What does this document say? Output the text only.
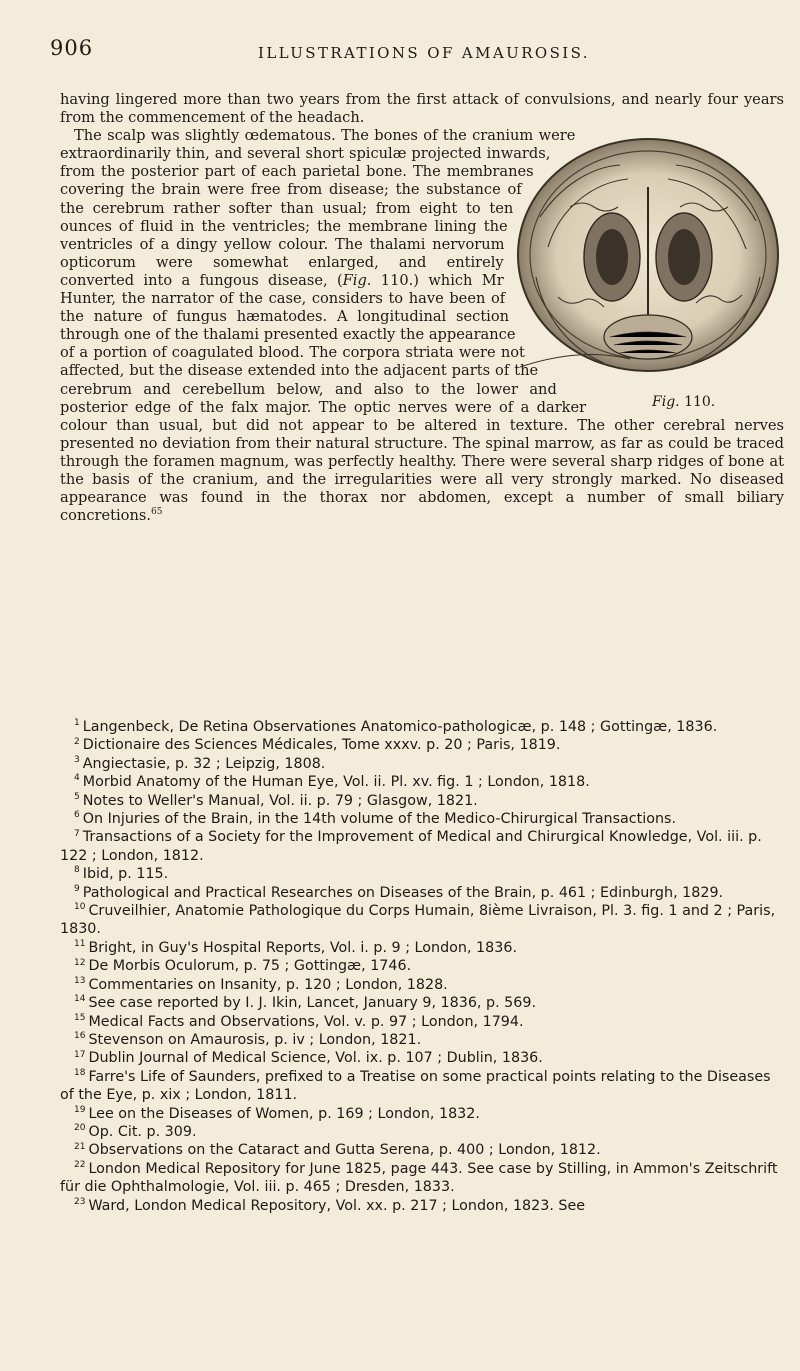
906	ILLUSTRATIONS OF AMAUROSIS.

having lingered more than two years from the first attack of convulsions, and nearly four years from the commencement of the headach.

Fig. 110.
The scalp was slightly œdematous. The bones of the cranium were extraordinarily thin, and several short spiculæ projected inwards, from the posterior part of each parietal bone. The membranes covering the brain were free from disease; the substance of the cerebrum rather softer than usual; from eight to ten ounces of fluid in the ventricles; the membrane lining the ventricles of a dingy yellow colour. The thalami nervorum opticorum were somewhat enlarged, and entirely converted into a fungous disease, (Fig. 110.) which Mr Hunter, the narrator of the case, considers to have been of the nature of fungus hæmatodes. A longitudinal section through one of the thalami presented exactly the appearance of a portion of coagulated blood. The corpora striata were not affected, but the disease extended into the adjacent parts of the cerebrum and cerebellum below, and also to the lower and posterior edge of the falx major. The optic nerves were of a darker colour than usual, but did not appear to be altered in texture. The other cerebral nerves presented no deviation from their natural structure. The spinal marrow, as far as could be traced through the foramen magnum, was perfectly healthy. There were several sharp ridges of bone at the basis of the cranium, and the irregularities were all very strongly marked. No diseased appearance was found in the thorax nor abdomen, except a number of small biliary concretions.$^{65}$

$^1$ Langenbeck, De Retina Observationes Anatomico-pathologicæ, p. 148 ; Gottingæ, 1836.

$^2$ Dictionaire des Sciences Médicales, Tome xxxv. p. 20 ; Paris, 1819.

$^3$ Angiectasie, p. 32 ; Leipzig, 1808.

$^4$ Morbid Anatomy of the Human Eye, Vol. ii. Pl. xv. fig. 1 ; London, 1818.

$^5$ Notes to Weller's Manual, Vol. ii. p. 79 ; Glasgow, 1821.

$^6$ On Injuries of the Brain, in the 14th volume of the Medico-Chirurgical Transactions.

$^7$ Transactions of a Society for the Improvement of Medical and Chirurgical Knowledge, Vol. iii. p. 122 ; London, 1812.

$^8$ Ibid, p. 115.

$^9$ Pathological and Practical Researches on Diseases of the Brain, p. 461 ; Edinburgh, 1829.

$^{10}$ Cruveilhier, Anatomie Pathologique du Corps Humain, 8ième Livraison, Pl. 3. fig. 1 and 2 ; Paris, 1830.

$^{11}$ Bright, in Guy's Hospital Reports, Vol. i. p. 9 ; London, 1836.

$^{12}$ De Morbis Oculorum, p. 75 ; Gottingæ, 1746.

$^{13}$ Commentaries on Insanity, p. 120 ; London, 1828.

$^{14}$ See case reported by I. J. Ikin, Lancet, January 9, 1836, p. 569.

$^{15}$ Medical Facts and Observations, Vol. v. p. 97 ; London, 1794.

$^{16}$ Stevenson on Amaurosis, p. iv ; London, 1821.

$^{17}$ Dublin Journal of Medical Science, Vol. ix. p. 107 ; Dublin, 1836.

$^{18}$ Farre's Life of Saunders, prefixed to a Treatise on some practical points relating to the Diseases of the Eye, p. xix ; London, 1811.

$^{19}$ Lee on the Diseases of Women, p. 169 ; London, 1832.

$^{20}$ Op. Cit. p. 309.

$^{21}$ Observations on the Cataract and Gutta Serena, p. 400 ; London, 1812.

$^{22}$ London Medical Repository for June 1825, page 443. See case by Stilling, in Ammon's Zeitschrift für die Ophthalmologie, Vol. iii. p. 465 ; Dresden, 1833.

$^{23}$ Ward, London Medical Repository, Vol. xx. p. 217 ; London, 1823. See
